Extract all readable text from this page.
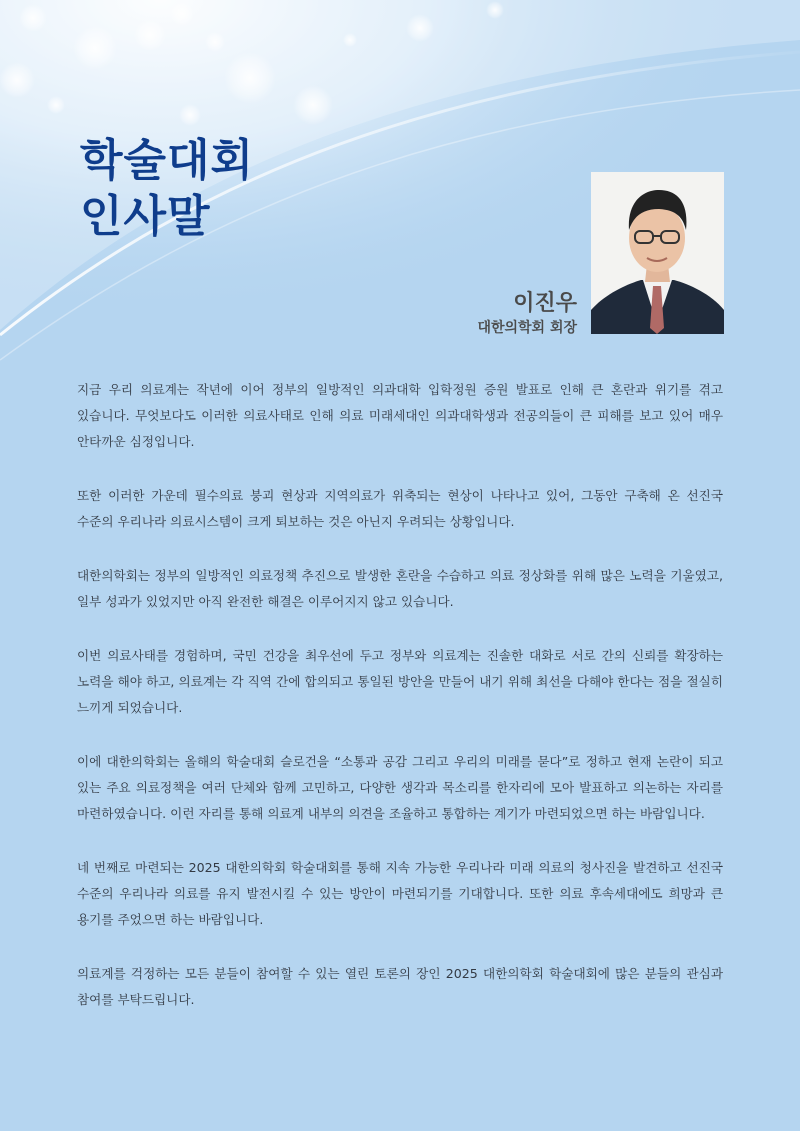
학술대회
인사말
이진우
대한의학회 회장

지금 우리 의료계는 작년에 이어 정부의 일방적인 의과대학 입학정원 증원 발표로 인해 큰 혼란과 위기를 겪고 있습니다. 무엇보다도 이러한 의료사태로 인해 의료 미래세대인 의과대학생과 전공의들이 큰 피해를 보고 있어 매우 안타까운 심정입니다.

또한 이러한 가운데 필수의료 붕괴 현상과 지역의료가 위축되는 현상이 나타나고 있어, 그동안 구축해 온 선진국 수준의 우리나라 의료시스템이 크게 퇴보하는 것은 아닌지 우려되는 상황입니다.

대한의학회는 정부의 일방적인 의료정책 추진으로 발생한 혼란을 수습하고 의료 정상화를 위해 많은 노력을 기울였고, 일부 성과가 있었지만 아직 완전한 해결은 이루어지지 않고 있습니다.

이번 의료사태를 경험하며, 국민 건강을 최우선에 두고 정부와 의료계는 진솔한 대화로 서로 간의 신뢰를 확장하는 노력을 해야 하고, 의료계는 각 직역 간에 합의되고 통일된 방안을 만들어 내기 위해 최선을 다해야 한다는 점을 절실히 느끼게 되었습니다.

이에 대한의학회는 올해의 학술대회 슬로건을 “소통과 공감 그리고 우리의 미래를 묻다”로 정하고 현재 논란이 되고 있는 주요 의료정책을 여러 단체와 함께 고민하고, 다양한 생각과 목소리를 한자리에 모아 발표하고 의논하는 자리를 마련하였습니다. 이런 자리를 통해 의료계 내부의 의견을 조율하고 통합하는 계기가 마련되었으면 하는 바람입니다.

네 번째로 마련되는 2025 대한의학회 학술대회를 통해 지속 가능한 우리나라 미래 의료의 청사진을 발견하고 선진국 수준의 우리나라 의료를 유지 발전시킬 수 있는 방안이 마련되기를 기대합니다. 또한 의료 후속세대에도 희망과 큰 용기를 주었으면 하는 바람입니다.

의료계를 걱정하는 모든 분들이 참여할 수 있는 열린 토론의 장인 2025 대한의학회 학술대회에 많은 분들의 관심과 참여를 부탁드립니다.
